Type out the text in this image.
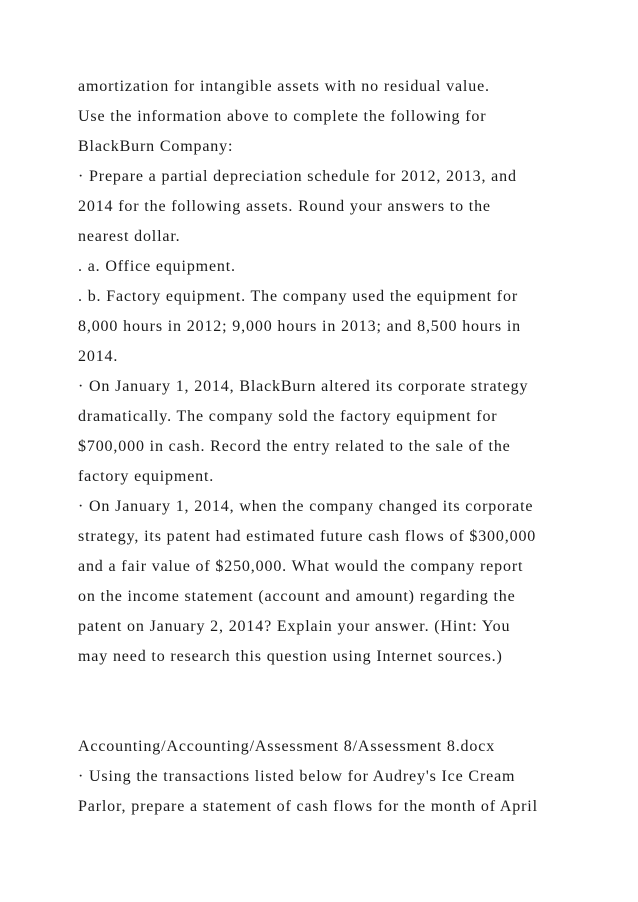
amortization for intangible assets with no residual value.
Use the information above to complete the following for
BlackBurn Company:
· Prepare a partial depreciation schedule for 2012, 2013, and
2014 for the following assets. Round your answers to the
nearest dollar.
. a. Office equipment.
. b. Factory equipment. The company used the equipment for
8,000 hours in 2012; 9,000 hours in 2013; and 8,500 hours in
2014.
· On January 1, 2014, BlackBurn altered its corporate strategy
dramatically. The company sold the factory equipment for
$700,000 in cash. Record the entry related to the sale of the
factory equipment.
· On January 1, 2014, when the company changed its corporate
strategy, its patent had estimated future cash flows of $300,000
and a fair value of $250,000. What would the company report
on the income statement (account and amount) regarding the
patent on January 2, 2014? Explain your answer. (Hint: You
may need to research this question using Internet sources.)
Accounting/Accounting/Assessment 8/Assessment 8.docx
· Using the transactions listed below for Audrey's Ice Cream
Parlor, prepare a statement of cash flows for the month of April
